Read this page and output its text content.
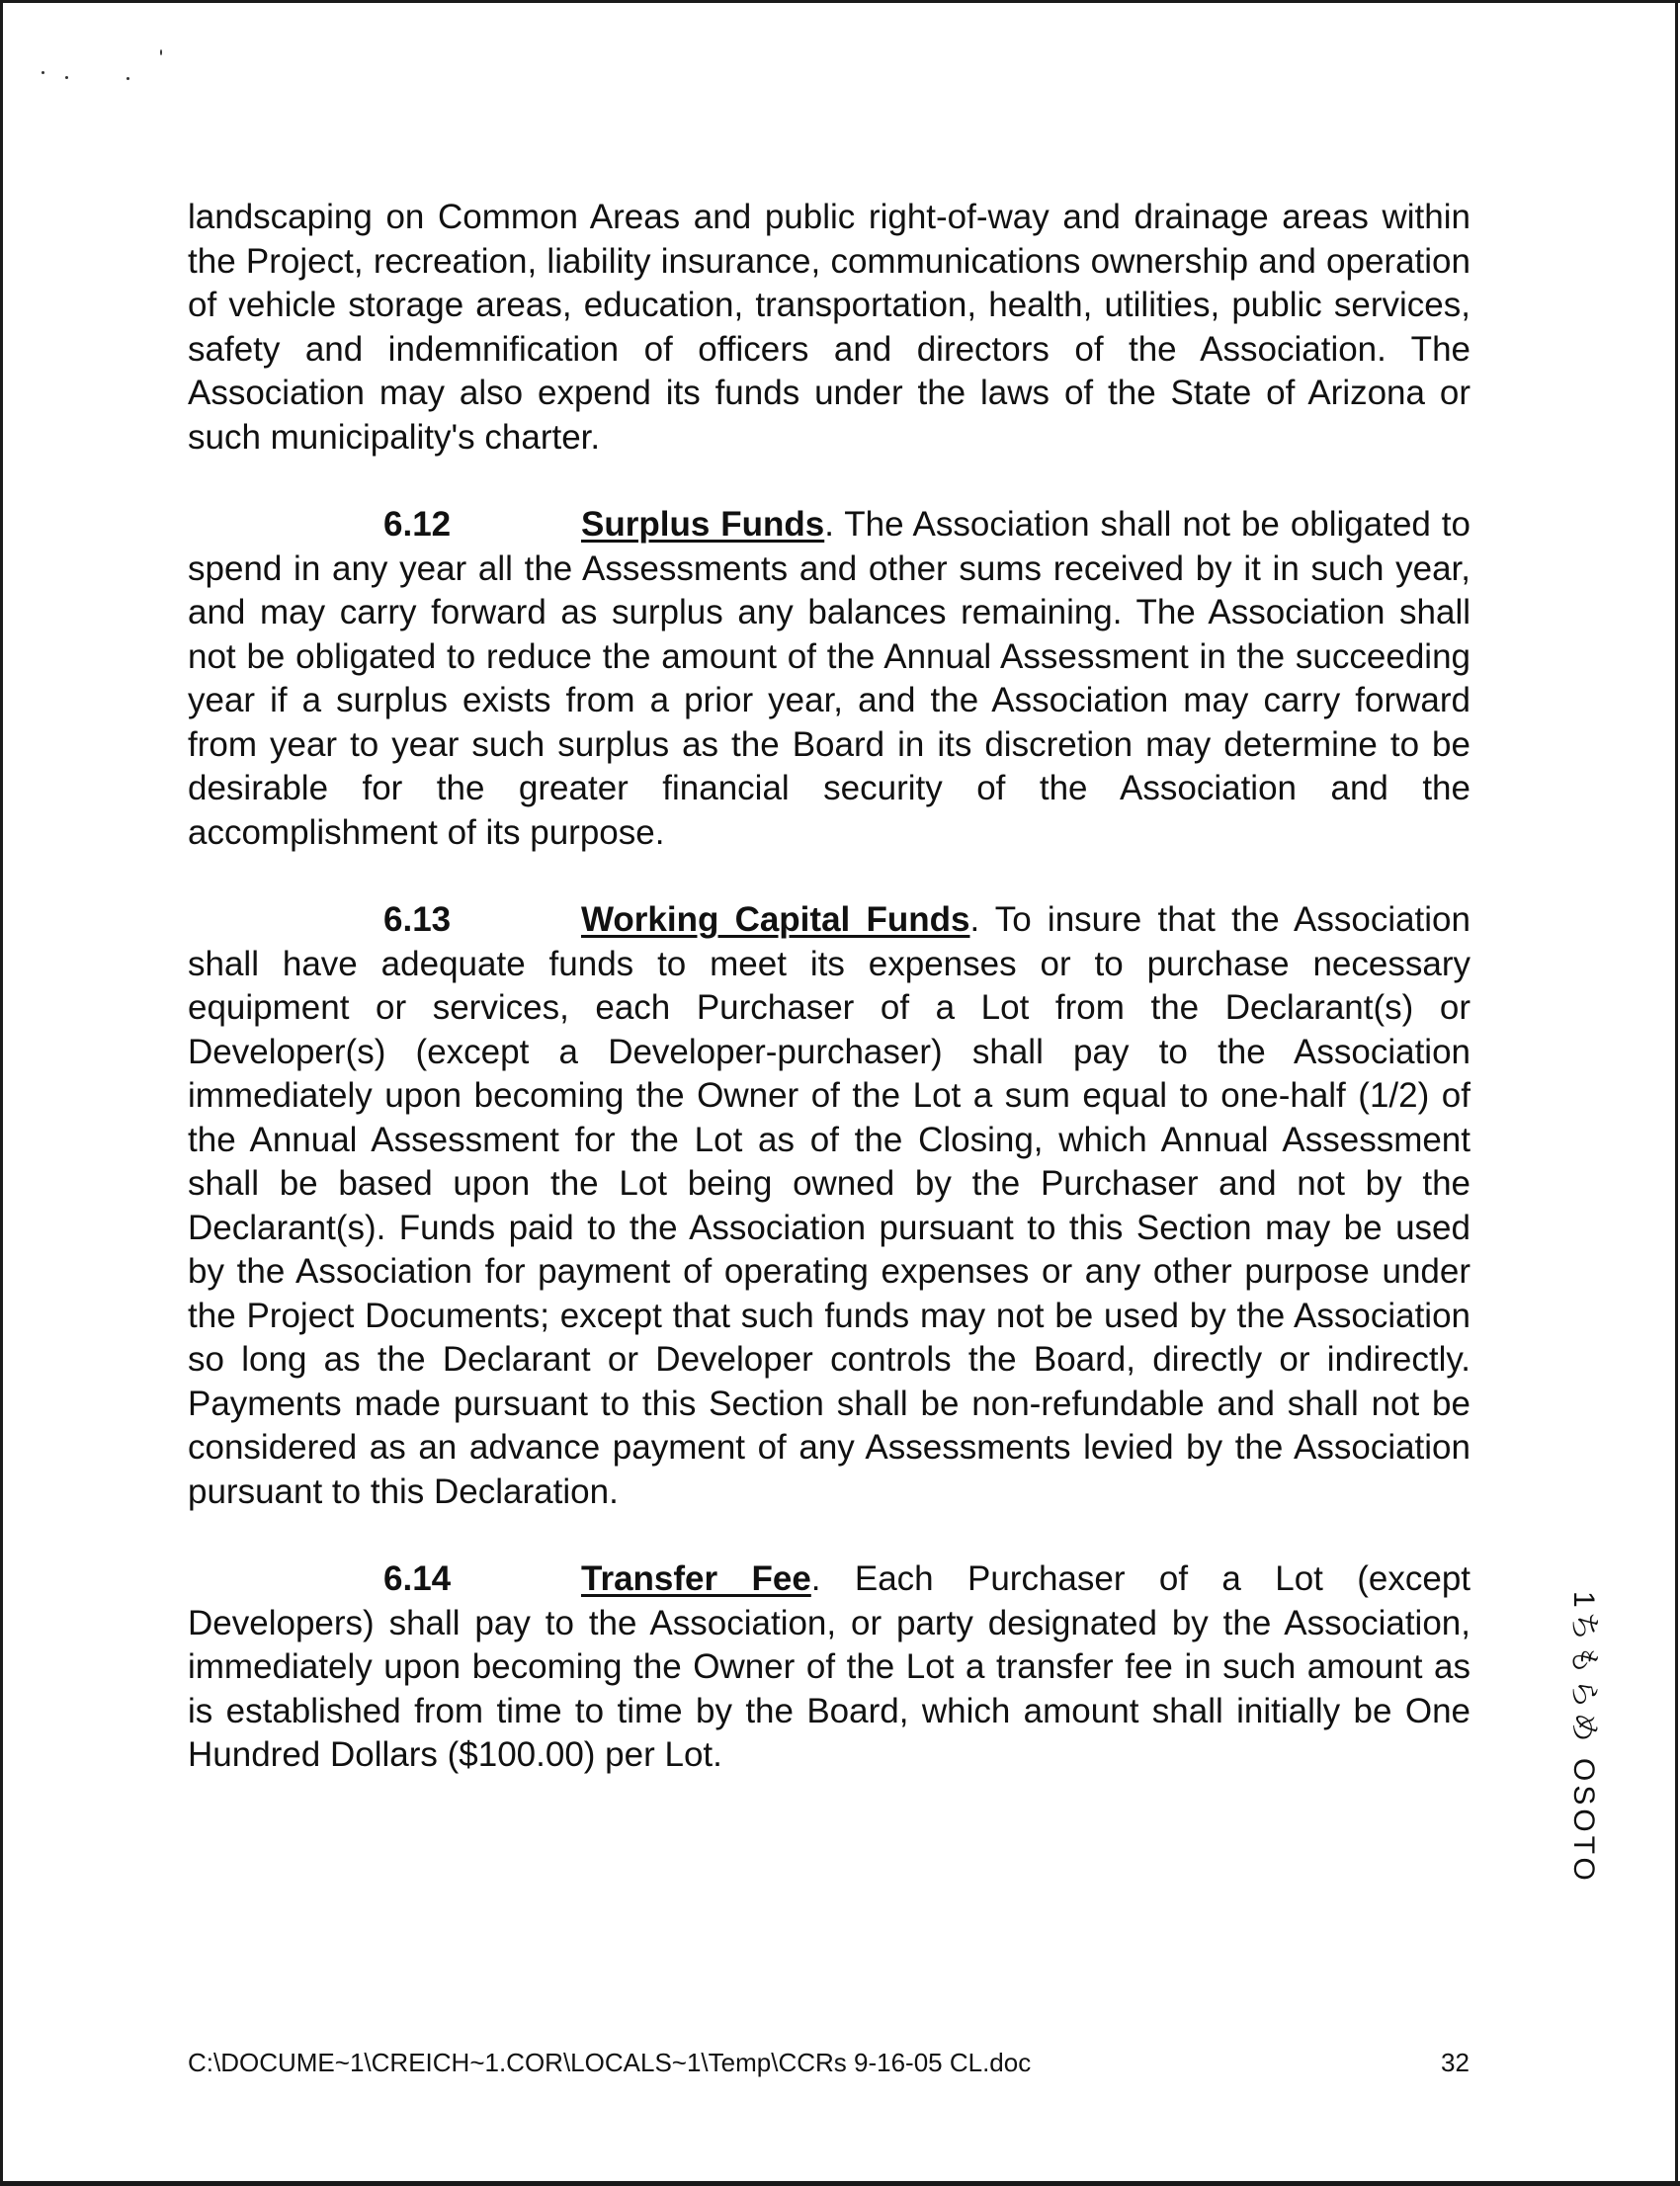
landscaping on Common Areas and public right-of-way and drainage areas within the Project, recreation, liability insurance, communications ownership and operation of vehicle storage areas, education, transportation, health, utilities, public services, safety and indemnification of officers and directors of the Association. The Association may also expend its funds under the laws of the State of Arizona or such municipality's charter.

6.12	Surplus Funds. The Association shall not be obligated to spend in any year all the Assessments and other sums received by it in such year, and may carry forward as surplus any balances remaining. The Association shall not be obligated to reduce the amount of the Annual Assessment in the succeeding year if a surplus exists from a prior year, and the Association may carry forward from year to year such surplus as the Board in its discretion may determine to be desirable for the greater financial security of the Association and the accomplishment of its purpose.

6.13	Working Capital Funds. To insure that the Association shall have adequate funds to meet its expenses or to purchase necessary equipment or services, each Purchaser of a Lot from the Declarant(s) or Developer(s) (except a Developer-purchaser) shall pay to the Association immediately upon becoming the Owner of the Lot a sum equal to one-half (1/2) of the Annual Assessment for the Lot as of the Closing, which Annual Assessment shall be based upon the Lot being owned by the Purchaser and not by the Declarant(s). Funds paid to the Association pursuant to this Section may be used by the Association for payment of operating expenses or any other purpose under the Project Documents; except that such funds may not be used by the Association so long as the Declarant or Developer controls the Board, directly or indirectly. Payments made pursuant to this Section shall be non-refundable and shall not be considered as an advance payment of any Assessments levied by the Association pursuant to this Declaration.

6.14	Transfer Fee. Each Purchaser of a Lot (except Developers) shall pay to the Association, or party designated by the Association, immediately upon becoming the Owner of the Lot a transfer fee in such amount as is established from time to time by the Board, which amount shall initially be One Hundred Dollars ($100.00) per Lot.	1ちもらめ OSOTO
C:\DOCUME~1\CREICH~1.COR\LOCALS~1\Temp\CCRs 9-16-05 CL.doc	32
